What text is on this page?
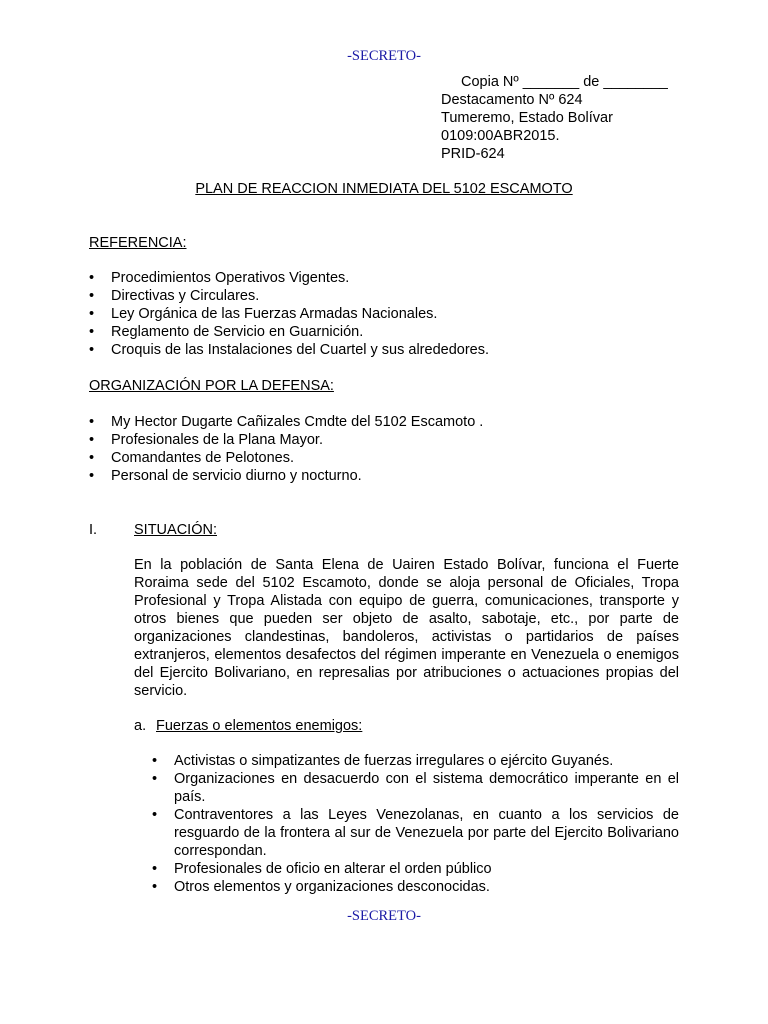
-SECRETO-
Copia Nº _______ de ________
Destacamento Nº 624
Tumeremo, Estado Bolívar
0109:00ABR2015.
PRID-624
PLAN DE REACCION INMEDIATA DEL 5102 ESCAMOTO
REFERENCIA:
• Procedimientos Operativos Vigentes.
• Directivas y Circulares.
• Ley Orgánica de las Fuerzas Armadas Nacionales.
• Reglamento de Servicio en Guarnición.
• Croquis de las Instalaciones del Cuartel y sus alrededores.
ORGANIZACIÓN POR LA DEFENSA:
• My Hector Dugarte Cañizales Cmdte del 5102 Escamoto .
• Profesionales de la Plana Mayor.
• Comandantes de Pelotones.
• Personal de servicio diurno y nocturno.
I.	SITUACIÓN:
En la población de Santa Elena de Uairen Estado Bolívar, funciona el Fuerte Roraima sede del 5102 Escamoto, donde se aloja personal de Oficiales, Tropa Profesional y Tropa Alistada con equipo de guerra, comunicaciones, transporte y otros bienes que pueden ser objeto de asalto, sabotaje, etc., por parte de organizaciones clandestinas, bandoleros, activistas o partidarios de países extranjeros, elementos desafectos del régimen imperante en Venezuela o enemigos del Ejercito Bolivariano, en represalias por atribuciones o actuaciones propias del servicio.
a. Fuerzas o elementos enemigos:
• Activistas o simpatizantes de fuerzas irregulares o ejército Guyanés.
• Organizaciones en desacuerdo con el sistema democrático imperante en el país.
• Contraventores a las Leyes Venezolanas, en cuanto a los servicios de resguardo de la frontera al sur de Venezuela por parte del Ejercito Bolivariano correspondan.
• Profesionales de oficio en alterar el orden público
• Otros elementos y organizaciones desconocidas.
-SECRETO-
